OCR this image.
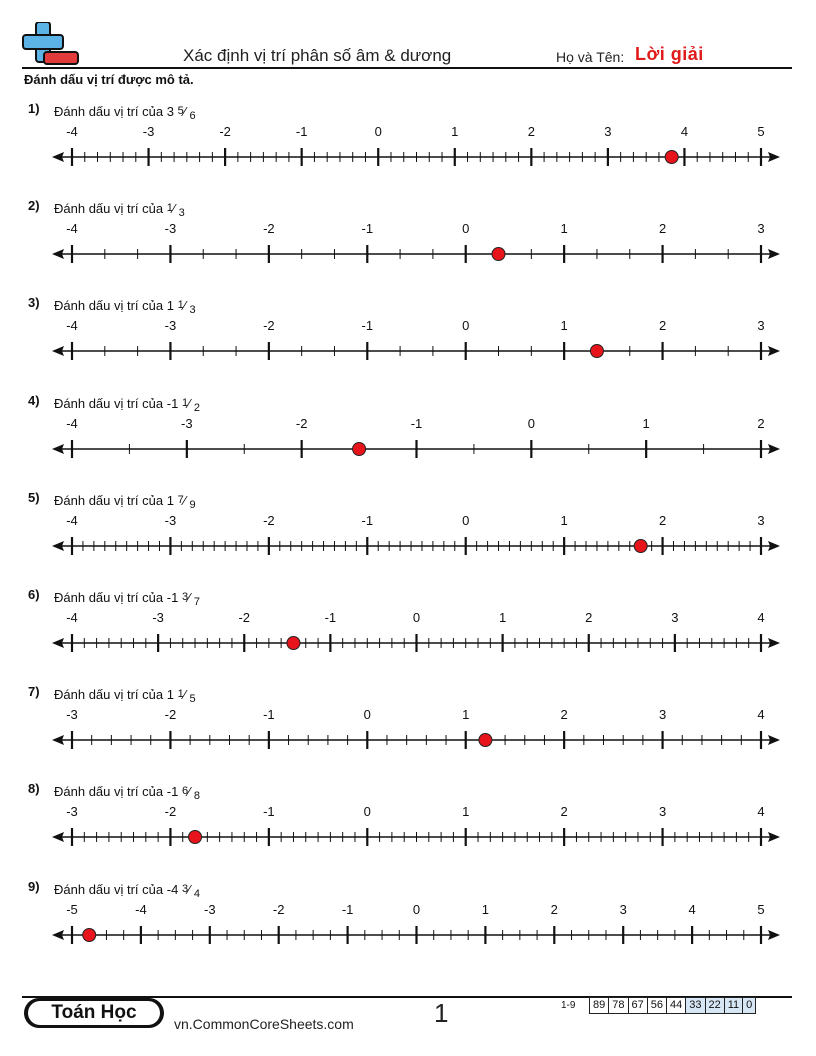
Xác định vị trí phân số âm & dương	Họ và Tên: Lời giải
Đánh dấu vị trí được mô tả.
1) Đánh dấu vị trí của 3 $^5$⁄ $_6$
-4	-3	-2	-1	0	1	2	3	4	5
2) Đánh dấu vị trí của $^1$⁄ $_3$
-4	-3	-2	-1	0	1	2	3
3) Đánh dấu vị trí của 1 $^1$⁄ $_3$
-4	-3	-2	-1	0	1	2	3
4) Đánh dấu vị trí của -1 $^1$⁄ $_2$
-4	-3	-2	-1	0	1	2
5) Đánh dấu vị trí của 1 $^7$⁄ $_9$
-4	-3	-2	-1	0	1	2	3
6) Đánh dấu vị trí của -1 $^3$⁄ $_7$
-4	-3	-2	-1	0	1	2	3	4
7) Đánh dấu vị trí của 1 $^1$⁄ $_5$
-3	-2	-1	0	1	2	3	4
8) Đánh dấu vị trí của -1 $^6$⁄ $_8$
-3	-2	-1	0	1	2	3	4
9) Đánh dấu vị trí của -4 $^3$⁄ $_4$
-5	-4	-3	-2	-1	0	1	2	3	4	5
Toán Học
vn.CommonCoreSheets.com	1	1-9 89 78 67 56 44 33 22 11 0
